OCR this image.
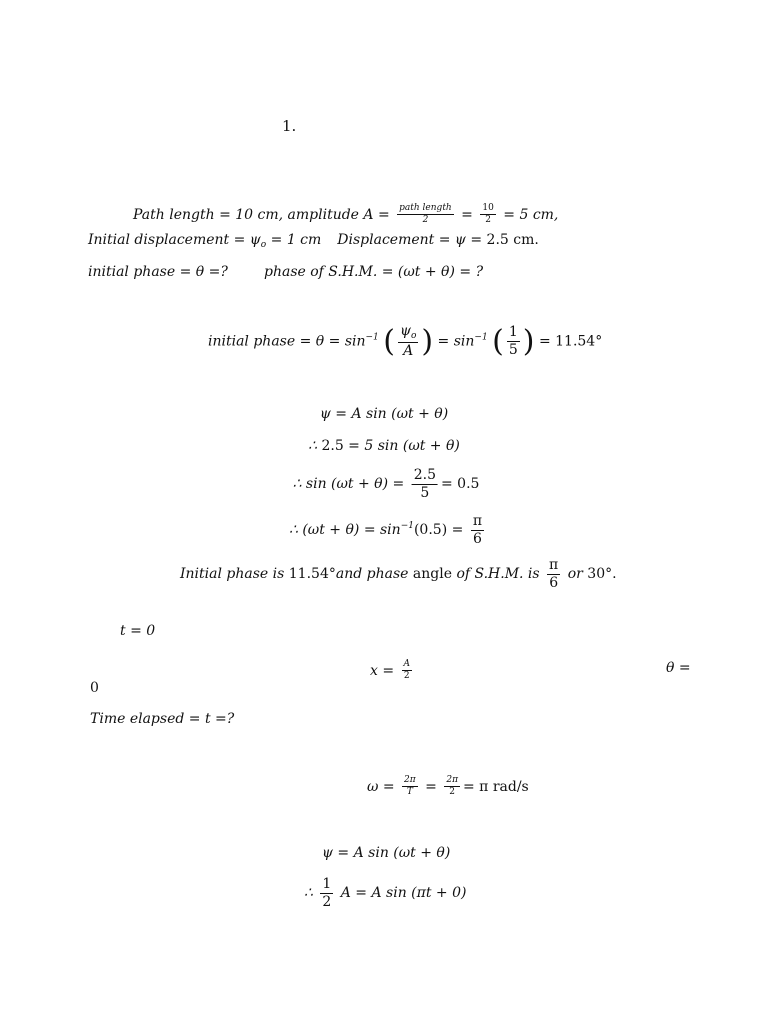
1.
Path length = 10 cm, amplitude $A = \frac{\text{path length}}{2} = \frac{10}{2} = 5$ cm,
Initial displacement = $\psi_o = 1$ cm Displacement = ψ = 2.5 cm.
initial phase = θ =?	phase of S.H.M. = (ωt + θ) = ?
initial phase = $\theta = \sin^{-1}$ ( $\frac{\psi_o}{A}$ ) = $\sin^{-1}$ ( $\frac{1}{5}$ ) = 11.54°
ψ = A sin (ωt + θ)
∴ 2.5 = 5 sin (ωt + θ)
∴ $\sin (\omega t + \theta) = \frac{2.5}{5} = 0.5$
∴ $(\omega t + \theta) = \sin^{-1}(0.5) = \frac{\pi}{6}$
Initial phase is 11.54°and phase angle of S.H.M. is $\frac{\pi}{6}$ or 30°.
t = 0
$x = \frac{A}{2}$	θ =
0
Time elapsed = t =?
$\omega = \frac{2\pi}{T} = \frac{2\pi}{2} = \pi$ rad/s
ψ = A sin (ωt + θ)
∴ $\frac{1}{2}$ A = A sin (πt + 0)
